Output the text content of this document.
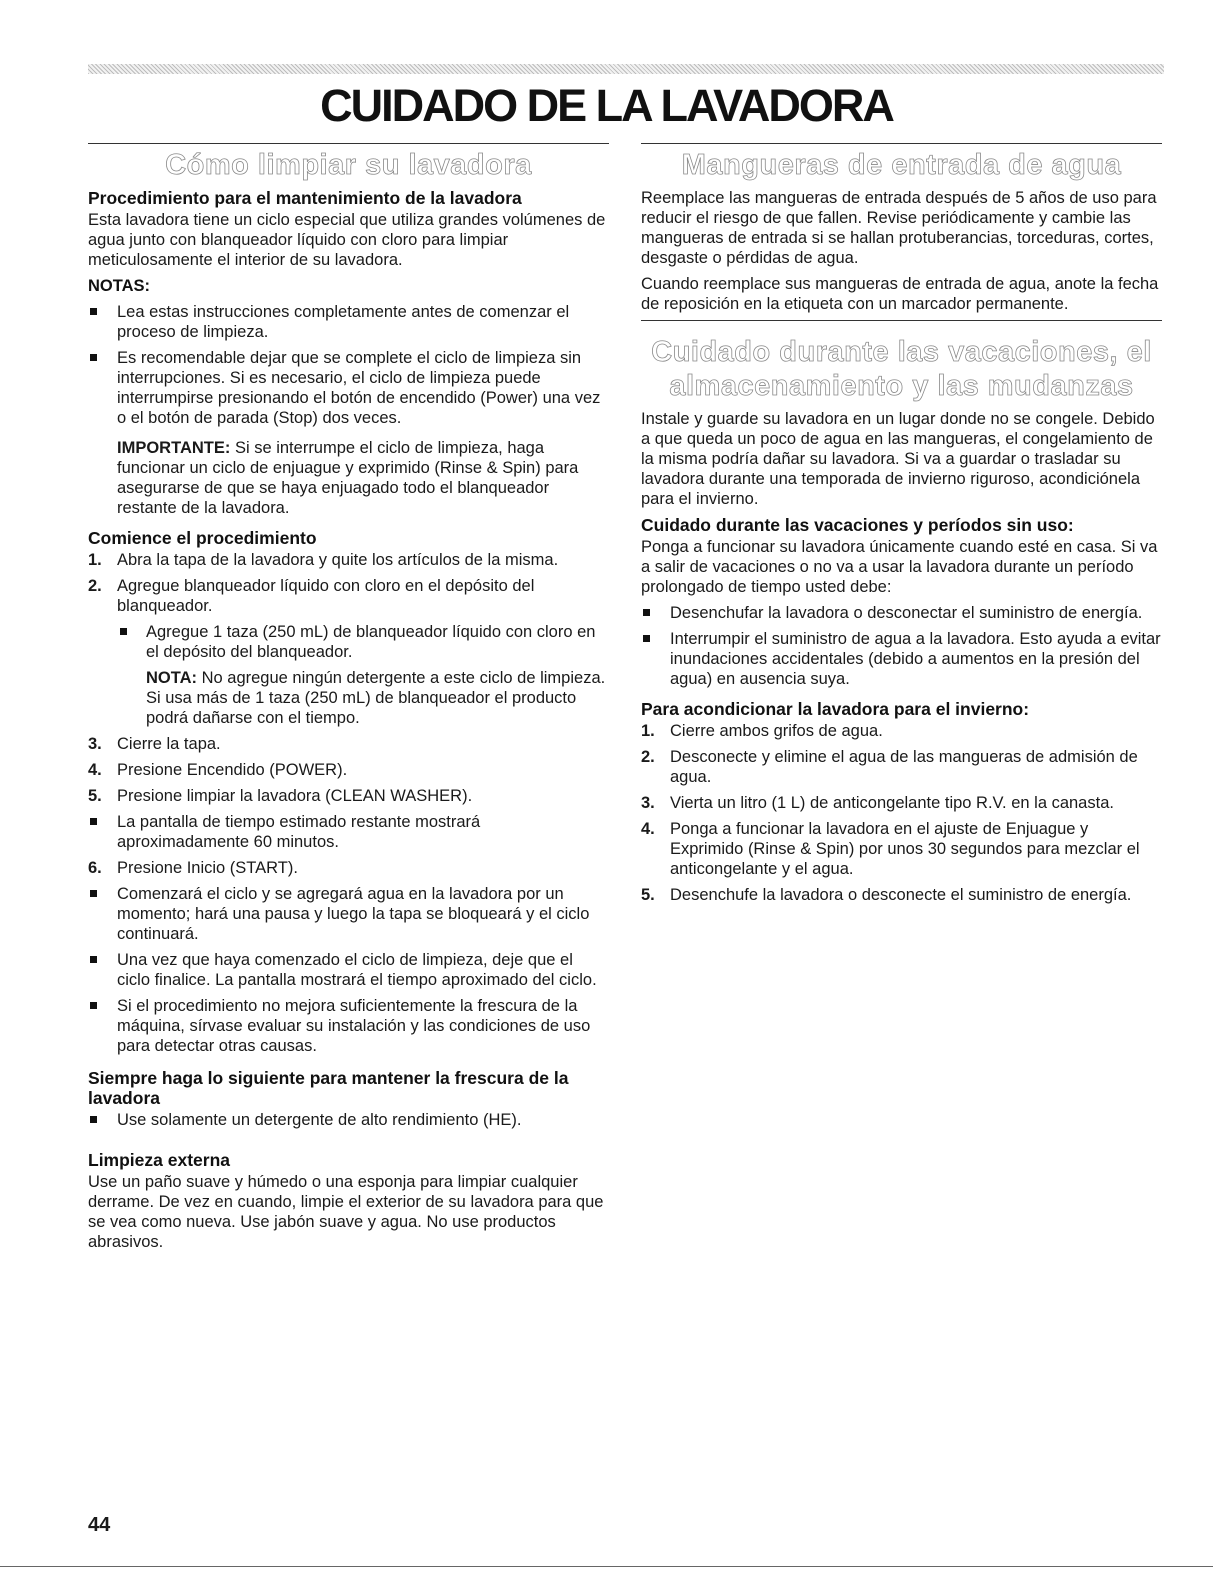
CUIDADO DE LA LAVADORA
Cómo limpiar su lavadora
Procedimiento para el mantenimiento de la lavadora

Esta lavadora tiene un ciclo especial que utiliza grandes volúmenes de agua junto con blanqueador líquido con cloro para limpiar meticulosamente el interior de su lavadora.

NOTAS:
Lea estas instrucciones completamente antes de comenzar el proceso de limpieza.
Es recomendable dejar que se complete el ciclo de limpieza sin interrupciones. Si es necesario, el ciclo de limpieza puede interrumpirse presionando el botón de encendido (Power) una vez o el botón de parada (Stop) dos veces.
IMPORTANTE: Si se interrumpe el ciclo de limpieza, haga funcionar un ciclo de enjuague y exprimido (Rinse & Spin) para asegurarse de que se haya enjuagado todo el blanqueador restante de la lavadora.
Comience el procedimiento
1. Abra la tapa de la lavadora y quite los artículos de la misma.
2. Agregue blanqueador líquido con cloro en el depósito del blanqueador.
Agregue 1 taza (250 mL) de blanqueador líquido con cloro en el depósito del blanqueador.
NOTA: No agregue ningún detergente a este ciclo de limpieza. Si usa más de 1 taza (250 mL) de blanqueador el producto podrá dañarse con el tiempo.
3. Cierre la tapa.
4. Presione Encendido (POWER).
5. Presione limpiar la lavadora (CLEAN WASHER).
La pantalla de tiempo estimado restante mostrará aproximadamente 60 minutos.
6. Presione Inicio (START).
Comenzará el ciclo y se agregará agua en la lavadora por un momento; hará una pausa y luego la tapa se bloqueará y el ciclo continuará.
Una vez que haya comenzado el ciclo de limpieza, deje que el ciclo finalice. La pantalla mostrará el tiempo aproximado del ciclo.
Si el procedimiento no mejora suficientemente la frescura de la máquina, sírvase evaluar su instalación y las condiciones de uso para detectar otras causas.
Siempre haga lo siguiente para mantener la frescura de la lavadora
Use solamente un detergente de alto rendimiento (HE).
Limpieza externa

Use un paño suave y húmedo o una esponja para limpiar cualquier derrame. De vez en cuando, limpie el exterior de su lavadora para que se vea como nueva. Use jabón suave y agua. No use productos abrasivos.

Mangueras de entrada de agua

Reemplace las mangueras de entrada después de 5 años de uso para reducir el riesgo de que fallen. Revise periódicamente y cambie las mangueras de entrada si se hallan protuberancias, torceduras, cortes, desgaste o pérdidas de agua.

Cuando reemplace sus mangueras de entrada de agua, anote la fecha de reposición en la etiqueta con un marcador permanente.

Cuidado durante las vacaciones, el
almacenamiento y las mudanzas

Instale y guarde su lavadora en un lugar donde no se congele. Debido a que queda un poco de agua en las mangueras, el congelamiento de la misma podría dañar su lavadora. Si va a guardar o trasladar su lavadora durante una temporada de invierno riguroso, acondiciónela para el invierno.

Cuidado durante las vacaciones y períodos sin uso:

Ponga a funcionar su lavadora únicamente cuando esté en casa. Si va a salir de vacaciones o no va a usar la lavadora durante un período prolongado de tiempo usted debe:

Desenchufar la lavadora o desconectar el suministro de energía.
Interrumpir el suministro de agua a la lavadora. Esto ayuda a evitar inundaciones accidentales (debido a aumentos en la presión del agua) en ausencia suya.
Para acondicionar la lavadora para el invierno:
1. Cierre ambos grifos de agua.
2. Desconecte y elimine el agua de las mangueras de admisión de agua.
3. Vierta un litro (1 L) de anticongelante tipo R.V. en la canasta.
4. Ponga a funcionar la lavadora en el ajuste de Enjuague y Exprimido (Rinse & Spin) por unos 30 segundos para mezclar el anticongelante y el agua.
5. Desenchufe la lavadora o desconecte el suministro de energía.
44
